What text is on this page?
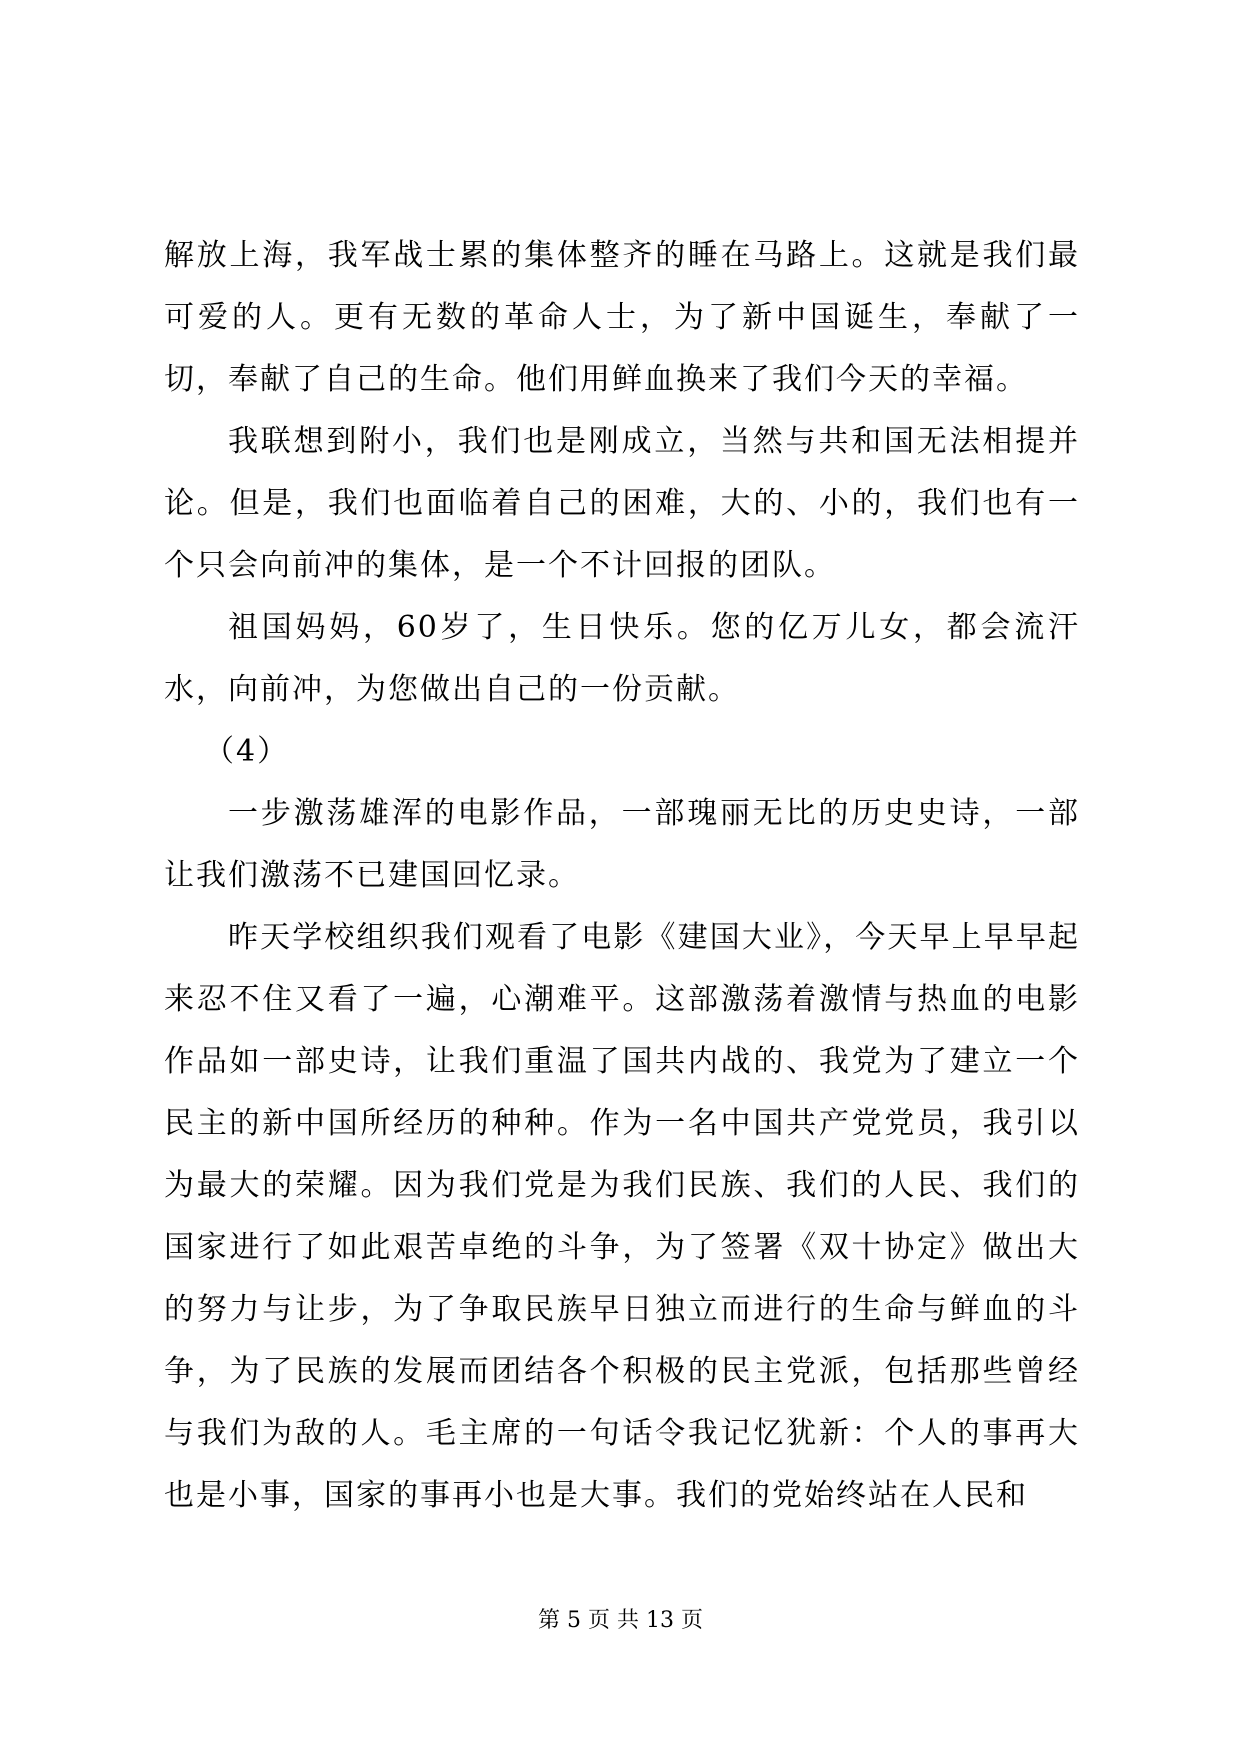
解放上海，我军战士累的集体整齐的睡在马路上。这就是我们最可爱的人。更有无数的革命人士，为了新中国诞生，奉献了一切，奉献了自己的生命。他们用鲜血换来了我们今天的幸福。

我联想到附小，我们也是刚成立，当然与共和国无法相提并论。但是，我们也面临着自己的困难，大的、小的，我们也有一个只会向前冲的集体，是一个不计回报的团队。

祖国妈妈，60岁了，生日快乐。您的亿万儿女，都会流汗水，向前冲，为您做出自己的一份贡献。

（4）

一步激荡雄浑的电影作品，一部瑰丽无比的历史史诗，一部让我们激荡不已建国回忆录。

昨天学校组织我们观看了电影《建国大业》，今天早上早早起来忍不住又看了一遍，心潮难平。这部激荡着激情与热血的电影作品如一部史诗，让我们重温了国共内战的、我党为了建立一个民主的新中国所经历的种种。作为一名中国共产党党员，我引以为最大的荣耀。因为我们党是为我们民族、我们的人民、我们的国家进行了如此艰苦卓绝的斗争，为了签署《双十协定》做出大的努力与让步，为了争取民族早日独立而进行的生命与鲜血的斗争，为了民族的发展而团结各个积极的民主党派，包括那些曾经与我们为敌的人。毛主席的一句话令我记忆犹新：个人的事再大也是小事，国家的事再小也是大事。我们的党始终站在人民和

第 5 页 共 13 页
